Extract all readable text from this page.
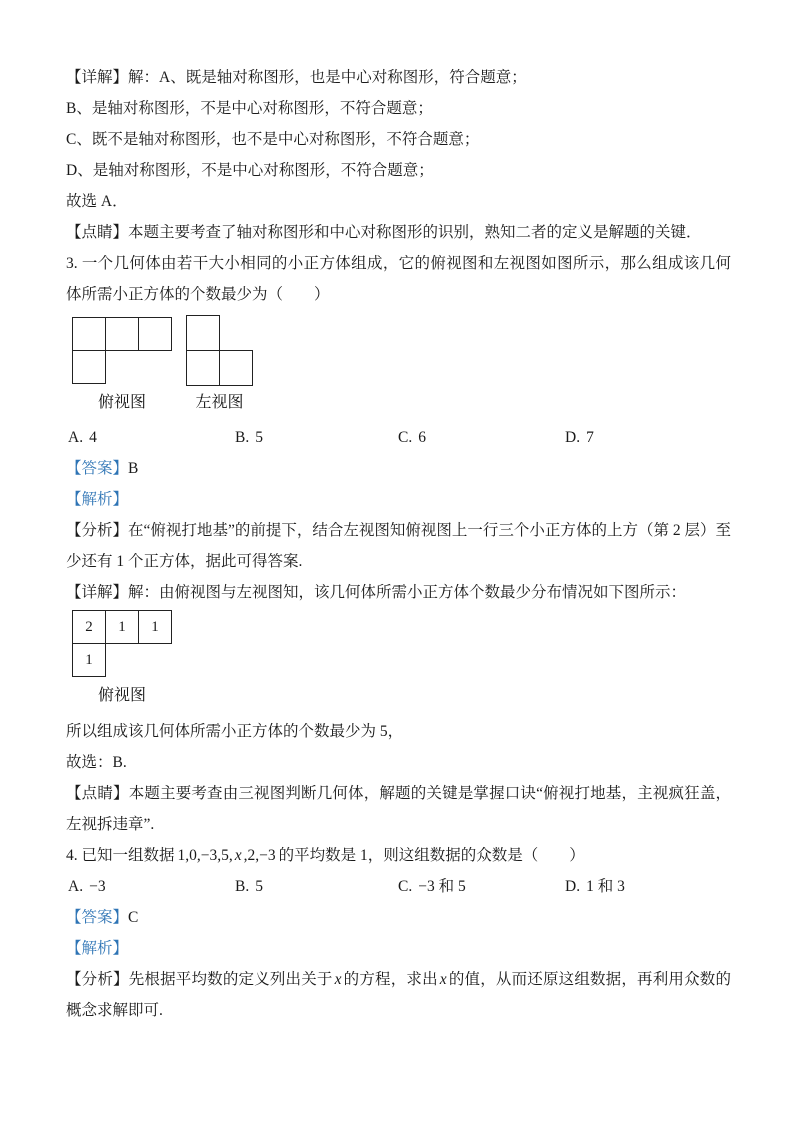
【详解】解：A、既是轴对称图形，也是中心对称图形，符合题意；

B、是轴对称图形，不是中心对称图形，不符合题意；

C、既不是轴对称图形，也不是中心对称图形，不符合题意；

D、是轴对称图形，不是中心对称图形，不符合题意；

故选 A．

【点睛】本题主要考查了轴对称图形和中心对称图形的识别，熟知二者的定义是解题的关键．

3. 一个几何体由若干大小相同的小正方体组成，它的俯视图和左视图如图所示，那么组成该几何体所需小正方体的个数最少为（　　）

俯视图	左视图
A. 4	B. 5	C. 6	D. 7

【答案】B

【解析】

【分析】在“俯视打地基”的前提下，结合左视图知俯视图上一行三个小正方体的上方（第 2 层）至少还有 1 个正方体，据此可得答案.

【详解】解：由俯视图与左视图知，该几何体所需小正方体个数最少分布情况如下图所示：

2	1	1
1
俯视图

所以组成该几何体所需小正方体的个数最少为 5，

故选：B.

【点睛】本题主要考查由三视图判断几何体，解题的关键是掌握口诀“俯视打地基，主视疯狂盖，左视拆违章”.

4. 已知一组数据 1,0,−3,5, x ,2,−3 的平均数是 1，则这组数据的众数是（　　）

A. −3	B. 5	C. −3 和 5	D. 1 和 3

【答案】C

【解析】

【分析】先根据平均数的定义列出关于 x 的方程，求出 x 的值，从而还原这组数据，再利用众数的概念求解即可.
